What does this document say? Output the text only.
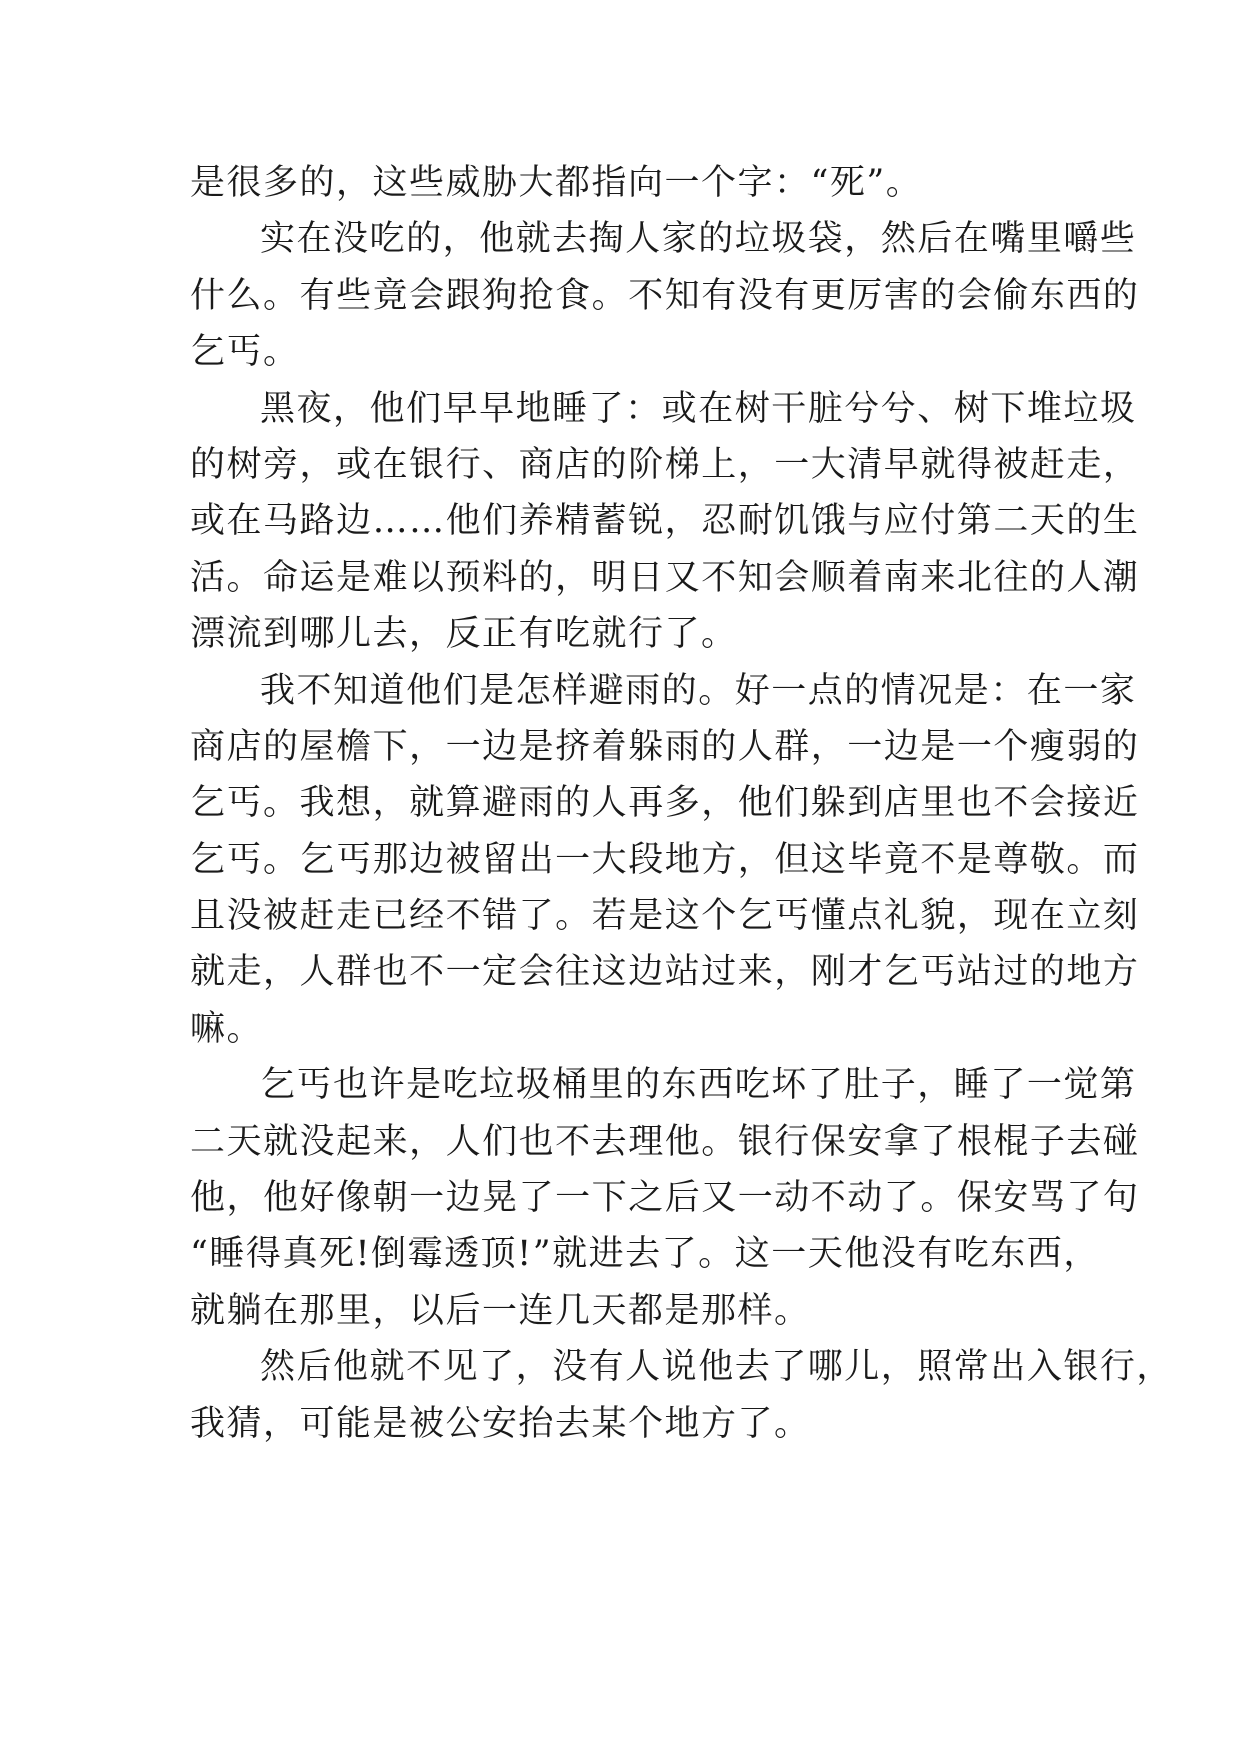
是很多的，这些威胁大都指向一个字：“死”。
实 在 没 吃 的 ， 他 就 去 掏 人 家 的 垃 圾 袋 ， 然 后 在 嘴 里 嚼 些
什 么 。 有 些 竟 会 跟 狗 抢 食 。 不 知 有 没 有 更 厉 害 的 会 偷 东 西 的
乞丐。
黑 夜 ， 他 们 早 早 地 睡 了 ： 或 在 树 干 脏 兮 兮 、 树 下 堆 垃 圾
的 树 旁 ， 或 在 银 行 、 商 店 的 阶 梯 上 ， 一 大 清 早 就 得 被 赶 走 ，
或 在 马 路 边 … … 他 们 养 精 蓄 锐 ， 忍 耐 饥 饿 与 应 付 第 二 天 的 生
活 。 命 运 是 难 以 预 料 的 ， 明 日 又 不 知 会 顺 着 南 来 北 往 的 人 潮
漂流到哪儿去，反正有吃就行了。
我 不 知 道 他 们 是 怎 样 避 雨 的 。 好 一 点 的 情 况 是 ： 在 一 家
商 店 的 屋 檐 下 ， 一 边 是 挤 着 躲 雨 的 人 群 ， 一 边 是 一 个 瘦 弱 的
乞 丐 。 我 想 ， 就 算 避 雨 的 人 再 多 ， 他 们 躲 到 店 里 也 不 会 接 近
乞 丐 。 乞 丐 那 边 被 留 出 一 大 段 地 方 ， 但 这 毕 竟 不 是 尊 敬 。 而
且 没 被 赶 走 已 经 不 错 了 。 若 是 这 个 乞 丐 懂 点 礼 貌 ， 现 在 立 刻
就 走 ， 人 群 也 不 一 定 会 往 这 边 站 过 来 ， 刚 才 乞 丐 站 过 的 地 方
嘛。
乞 丐 也 许 是 吃 垃 圾 桶 里 的 东 西 吃 坏 了 肚 子 ， 睡 了 一 觉 第
二 天 就 没 起 来 ， 人 们 也 不 去 理 他 。 银 行 保 安 拿 了 根 棍 子 去 碰
他 ， 他 好 像 朝 一 边 晃 了 一 下 之 后 又 一 动 不 动 了 。 保 安 骂 了 句
“ 睡 得 真 死 ! 倒 霉 透 顶 ! ” 就 进 去 了 。 这 一 天 他 没 有 吃 东 西 ，
就躺在那里，以后一连几天都是那样。
然 后 他 就 不 见 了 ， 没 有 人 说 他 去 了 哪 儿 ， 照 常 出 入 银 行 ，
我猜，可能是被公安抬去某个地方了。
